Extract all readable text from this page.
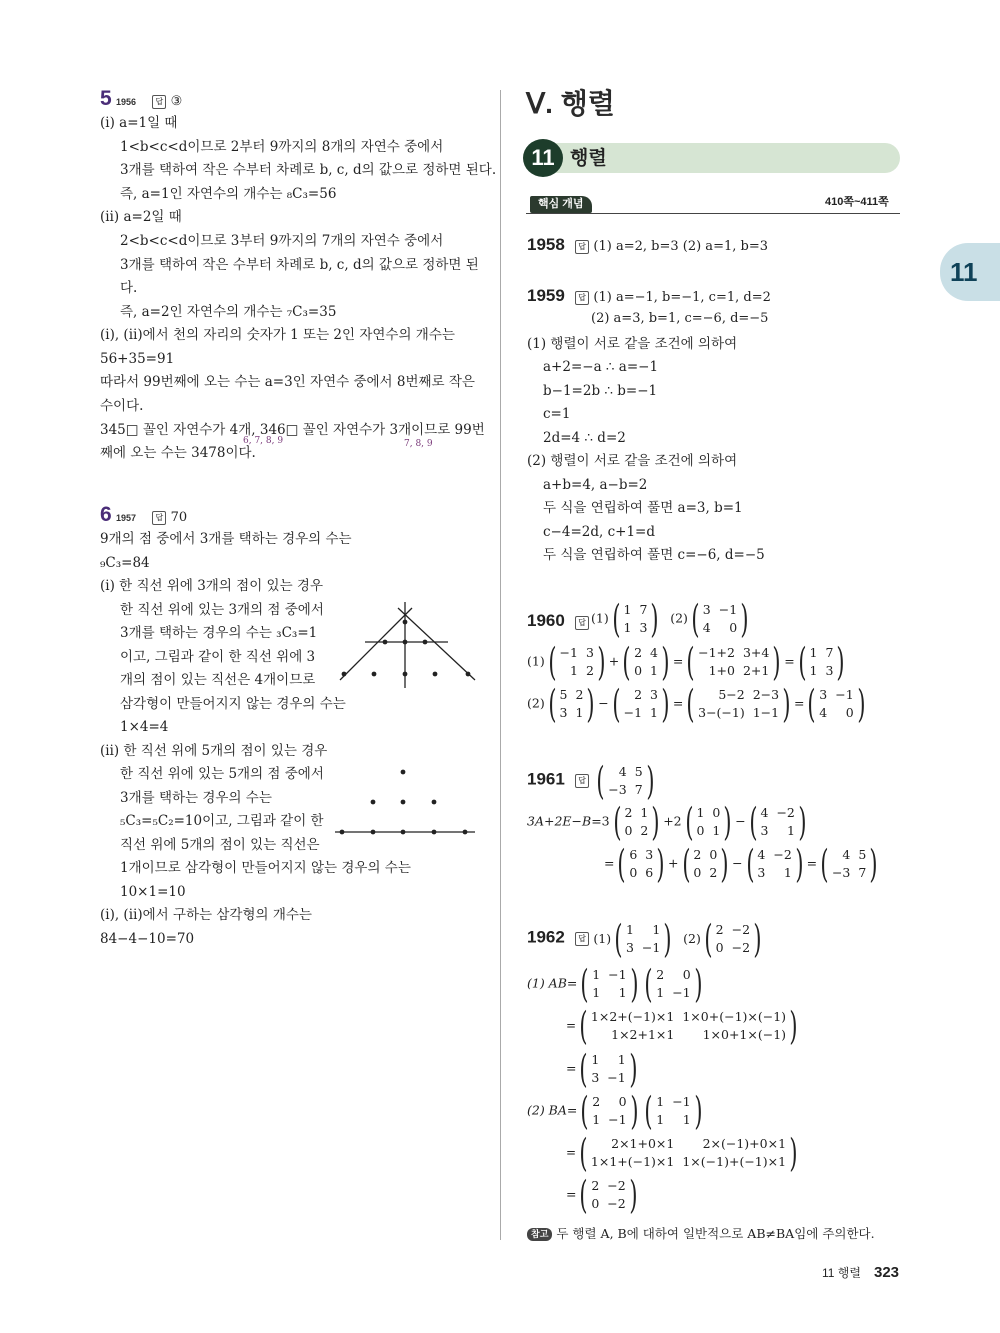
5 1956 답 ③
(ⅰ) a=1일 때
1<b<c<d이므로 2부터 9까지의 8개의 자연수 중에서
3개를 택하여 작은 수부터 차례로 b, c, d의 값으로 정하면 된다.
즉, a=1인 자연수의 개수는 ₈C₃=56
(ⅱ) a=2일 때
2<b<c<d이므로 3부터 9까지의 7개의 자연수 중에서
3개를 택하여 작은 수부터 차례로 b, c, d의 값으로 정하면 된
다.
즉, a=2인 자연수의 개수는 ₇C₃=35
(ⅰ), (ⅱ)에서 천의 자리의 숫자가 1 또는 2인 자연수의 개수는
56+35=91
따라서 99번째에 오는 수는 a=3인 자연수 중에서 8번째로 작은
수이다.
345□ 꼴인 자연수가 4개, 346□ 꼴인 자연수가 3개이므로 99번
6, 7, 8, 9	7, 8, 9
째에 오는 수는 3478이다.
6 1957 답 70
9개의 점 중에서 3개를 택하는 경우의 수는
₉C₃=84
(ⅰ) 한 직선 위에 3개의 점이 있는 경우
한 직선 위에 있는 3개의 점 중에서
3개를 택하는 경우의 수는 ₃C₃=1
이고, 그림과 같이 한 직선 위에 3
개의 점이 있는 직선은 4개이므로
삼각형이 만들어지지 않는 경우의 수는
1×4=4
(ⅱ) 한 직선 위에 5개의 점이 있는 경우
한 직선 위에 있는 5개의 점 중에서
3개를 택하는 경우의 수는
₅C₃=₅C₂=10이고, 그림과 같이 한
직선 위에 5개의 점이 있는 직선은
1개이므로 삼각형이 만들어지지 않는 경우의 수는
10×1=10
(ⅰ), (ⅱ)에서 구하는 삼각형의 개수는
84−4−10=70
Ⅴ. 행렬
11 행렬
핵심 개념	410쪽~411쪽
11
1958 답 (1) a=2, b=3 (2) a=1, b=3
1959 답 (1) a=−1, b=−1, c=1, d=2
(2) a=3, b=1, c=−6, d=−5
(1) 행렬이 서로 같을 조건에 의하여
a+2=−a ∴ a=−1
b−1=2b ∴ b=−1
c=1
2d=4 ∴ d=2
(2) 행렬이 서로 같을 조건에 의하여
a+b=4, a−b=2
두 식을 연립하여 풀면 a=3, b=1
c−4=2d, c+1=d
두 식을 연립하여 풀면 c=−6, d=−5
1960 답 (1) ( 1 7
1 3 ) (2) ( 3 −1
4	0 )
(1) ( −1 3
1 2 ) + ( 2 4
0 1 ) = ( −1+2 3+4
1+0 2+1 ) = ( 1 7
1 3 )
(2) ( 5 2
3 1 ) − (	2 3
−1 1 ) = (	5−2 2−3
3−(−1) 1−1 ) = ( 3 −1
4	0 )
1961 답 (	4 5
−3 7 )
3A+2E−B=3 ( 2 1
0 2 ) +2 ( 1 0
0 1 ) − ( 4 −2
3	1 )
= ( 6 3
0 6 ) + ( 2 0
0 2 ) − ( 4 −2
3	1 ) = (	4 5
−3 7 )
1962 답 (1) ( 1	1
3 −1 ) (2) ( 2 −2
0 −2 )
(1) AB= ( 1 −1
1	1 ) ( 2	0
1 −1 )
= ( 1×2+(−1)×1 1×0+(−1)×(−1)
1×2+1×1	1×0+1×(−1) )
= ( 1	1
3 −1 )
(2) BA= ( 2	0
1 −1 ) ( 1 −1
1	1 )
= (	2×1+0×1	2×(−1)+0×1
1×1+(−1)×1 1×(−1)+(−1)×1 )
= ( 2 −2
0 −2 )
참고 두 행렬 A, B에 대하여 일반적으로 AB≠BA임에 주의한다.
11 행렬 323
